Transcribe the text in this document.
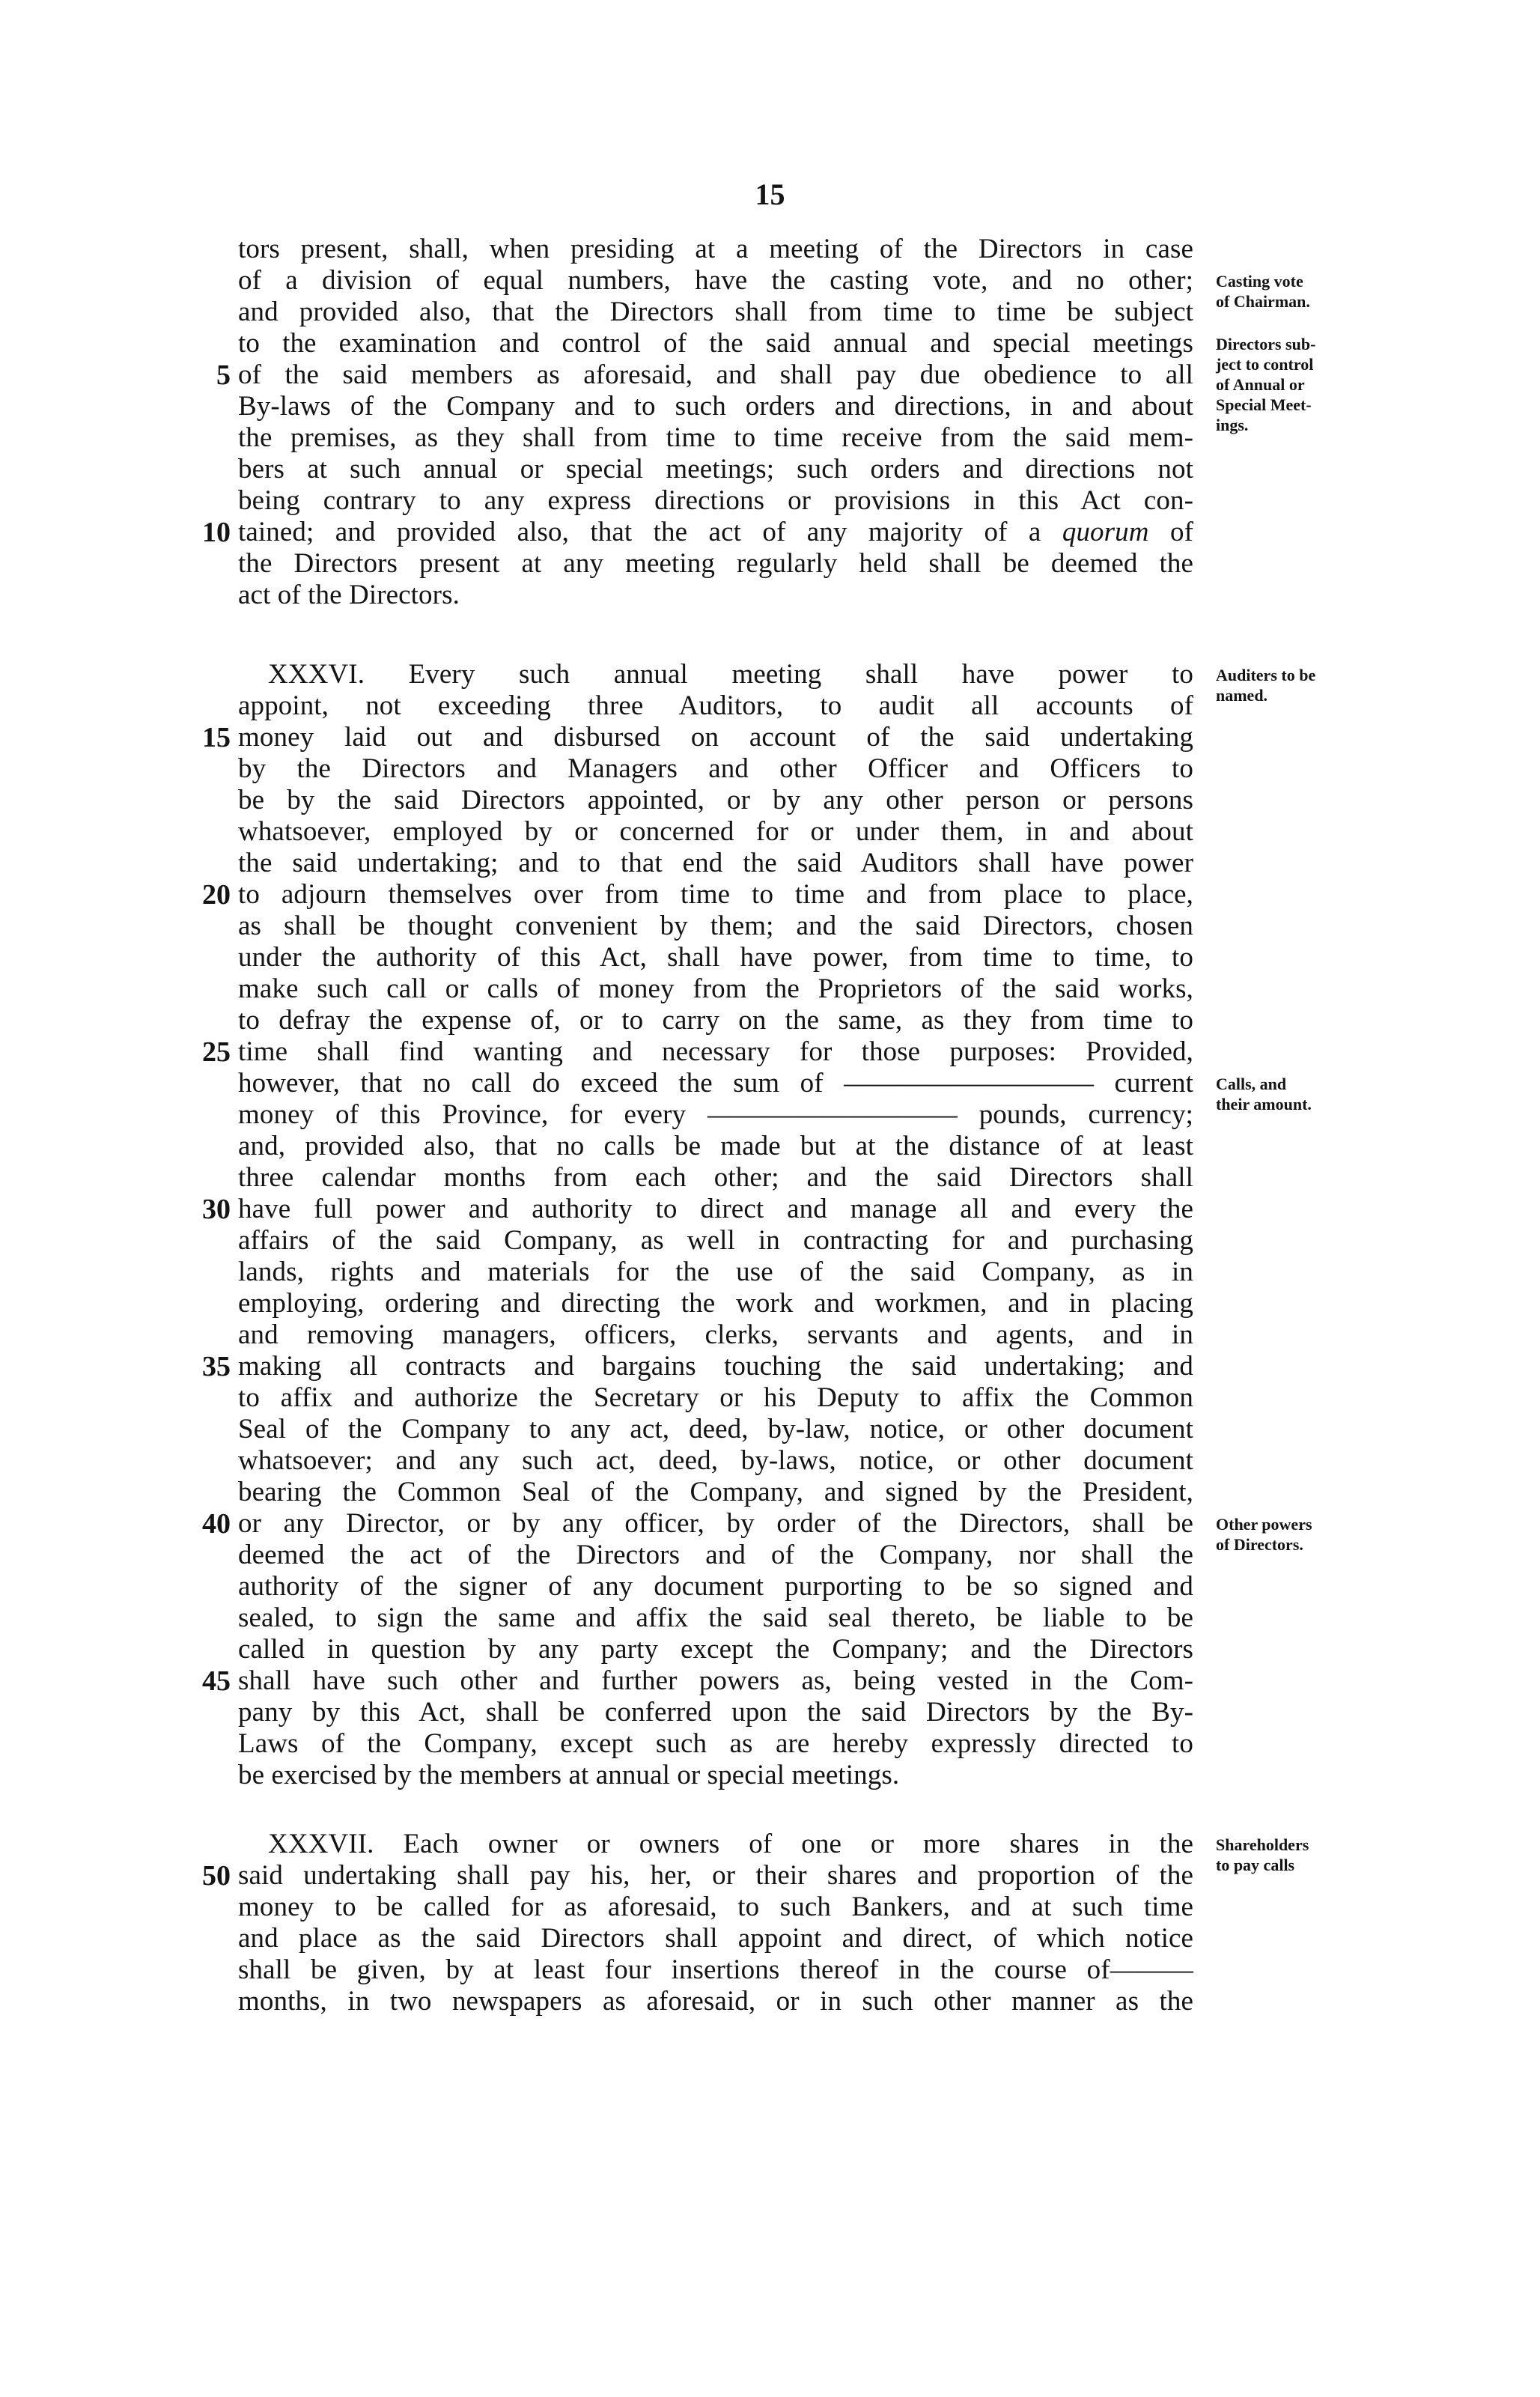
15
tors present, shall, when presiding at a meeting of the Directors in case
of a division of equal numbers, have the casting vote, and no other;
and provided also, that the Directors shall from time to time be subject
to the examination and control of the said annual and special meetings
5 of the said members as aforesaid, and shall pay due obedience to all
By-laws of the Company and to such orders and directions, in and about
the premises, as they shall from time to time receive from the said mem-
bers at such annual or special meetings; such orders and directions not
being contrary to any express directions or provisions in this Act con-
10 tained; and provided also, that the act of any majority of a quorum of
the Directors present at any meeting regularly held shall be deemed the
act of the Directors.
XXXVI. Every such annual meeting shall have power to
appoint, not exceeding three Auditors, to audit all accounts of
15 money laid out and disbursed on account of the said undertaking
by the Directors and Managers and other Officer and Officers to
be by the said Directors appointed, or by any other person or persons
whatsoever, employed by or concerned for or under them, in and about
the said undertaking; and to that end the said Auditors shall have power
20 to adjourn themselves over from time to time and from place to place,
as shall be thought convenient by them; and the said Directors, chosen
under the authority of this Act, shall have power, from time to time, to
make such call or calls of money from the Proprietors of the said works,
to defray the expense of, or to carry on the same, as they from time to
25 time shall find wanting and necessary for those purposes: Provided,
however, that no call do exceed the sum of ————————— current
money of this Province, for every ————————— pounds, currency;
and, provided also, that no calls be made but at the distance of at least
three calendar months from each other; and the said Directors shall
30 have full power and authority to direct and manage all and every the
affairs of the said Company, as well in contracting for and purchasing
lands, rights and materials for the use of the said Company, as in
employing, ordering and directing the work and workmen, and in placing
and removing managers, officers, clerks, servants and agents, and in
35 making all contracts and bargains touching the said undertaking; and
to affix and authorize the Secretary or his Deputy to affix the Common
Seal of the Company to any act, deed, by-law, notice, or other document
whatsoever; and any such act, deed, by-laws, notice, or other document
bearing the Common Seal of the Company, and signed by the President,
40 or any Director, or by any officer, by order of the Directors, shall be
deemed the act of the Directors and of the Company, nor shall the
authority of the signer of any document purporting to be so signed and
sealed, to sign the same and affix the said seal thereto, be liable to be
called in question by any party except the Company; and the Directors
45 shall have such other and further powers as, being vested in the Com-
pany by this Act, shall be conferred upon the said Directors by the By-
Laws of the Company, except such as are hereby expressly directed to
be exercised by the members at annual or special meetings.
XXXVII. Each owner or owners of one or more shares in the
50 said undertaking shall pay his, her, or their shares and proportion of the
money to be called for as aforesaid, to such Bankers, and at such time
and place as the said Directors shall appoint and direct, of which notice
shall be given, by at least four insertions thereof in the course of———
months, in two newspapers as aforesaid, or in such other manner as the
Casting vote
of Chairman.
Directors sub-
ject to control
of Annual or
Special Meet-
ings.
Auditers to be
named.
Calls, and
their amount.
Other powers
of Directors.
Shareholders
to pay calls
